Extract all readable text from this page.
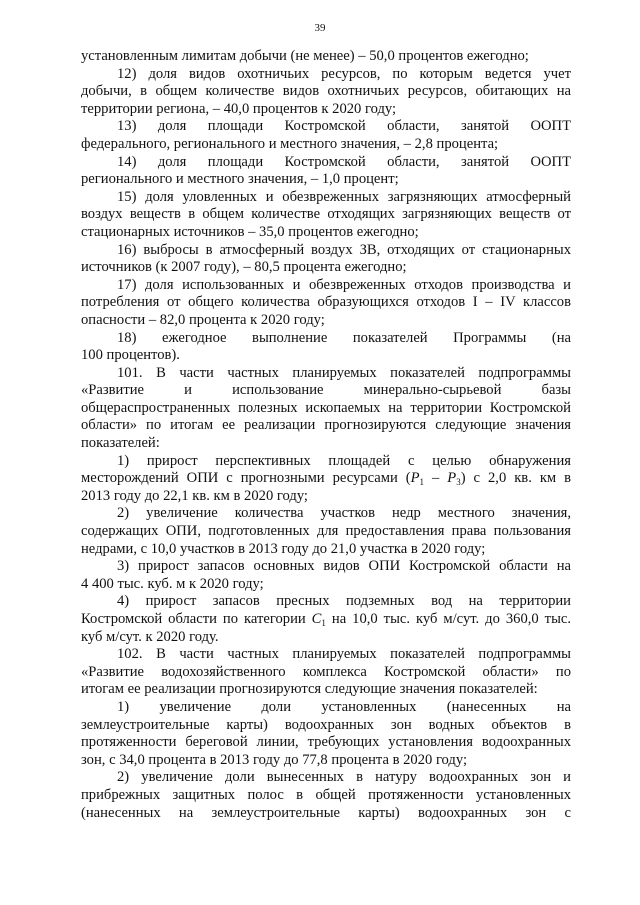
39
установленным лимитам добычи (не менее) – 50,0 процентов ежегодно;
12) доля видов охотничьих ресурсов, по которым ведется учет
добычи, в общем количестве видов охотничьих ресурсов, обитающих на
территории региона, – 40,0 процентов к 2020 году;
13) доля площади Костромской области, занятой ООПТ
федерального, регионального и местного значения, – 2,8 процента;
14) доля площади Костромской области, занятой ООПТ
регионального и местного значения, – 1,0 процент;
15) доля уловленных и обезвреженных загрязняющих атмосферный
воздух веществ в общем количестве отходящих загрязняющих веществ от
стационарных источников – 35,0 процентов ежегодно;
16) выбросы в атмосферный воздух ЗВ, отходящих от стационарных
источников (к 2007 году), – 80,5 процента ежегодно;
17) доля использованных и обезвреженных отходов производства и
потребления от общего количества образующихся отходов I – IV классов
опасности – 82,0 процента к 2020 году;
18) ежегодное выполнение показателей Программы (на
100 процентов).
101. В части частных планируемых показателей подпрограммы
«Развитие и использование минерально-сырьевой базы
общераспространенных полезных ископаемых на территории Костромской
области» по итогам ее реализации прогнозируются следующие значения
показателей:
1) прирост перспективных площадей с целью обнаружения
месторождений ОПИ с прогнозными ресурсами $(P_1 - P_3)$ с 2,0 кв. км в
2013 году до 22,1 кв. км в 2020 году;
2) увеличение количества участков недр местного значения,
содержащих ОПИ, подготовленных для предоставления права пользования
недрами, с 10,0 участков в 2013 году до 21,0 участка в 2020 году;
3) прирост запасов основных видов ОПИ Костромской области на
4 400 тыс. куб. м к 2020 году;
4) прирост запасов пресных подземных вод на территории
Костромской области по категории $C_1$ на 10,0 тыс. куб м/сут. до 360,0 тыс.
куб м/сут. к 2020 году.
102. В части частных планируемых показателей подпрограммы
«Развитие водохозяйственного комплекса Костромской области» по
итогам ее реализации прогнозируются следующие значения показателей:
1) увеличение доли установленных (нанесенных на
землеустроительные карты) водоохранных зон водных объектов в
протяженности береговой линии, требующих установления водоохранных
зон, с 34,0 процента в 2013 году до 77,8 процента в 2020 году;
2) увеличение доли вынесенных в натуру водоохранных зон и
прибрежных защитных полос в общей протяженности установленных
(нанесенных на землеустроительные карты) водоохранных зон с
